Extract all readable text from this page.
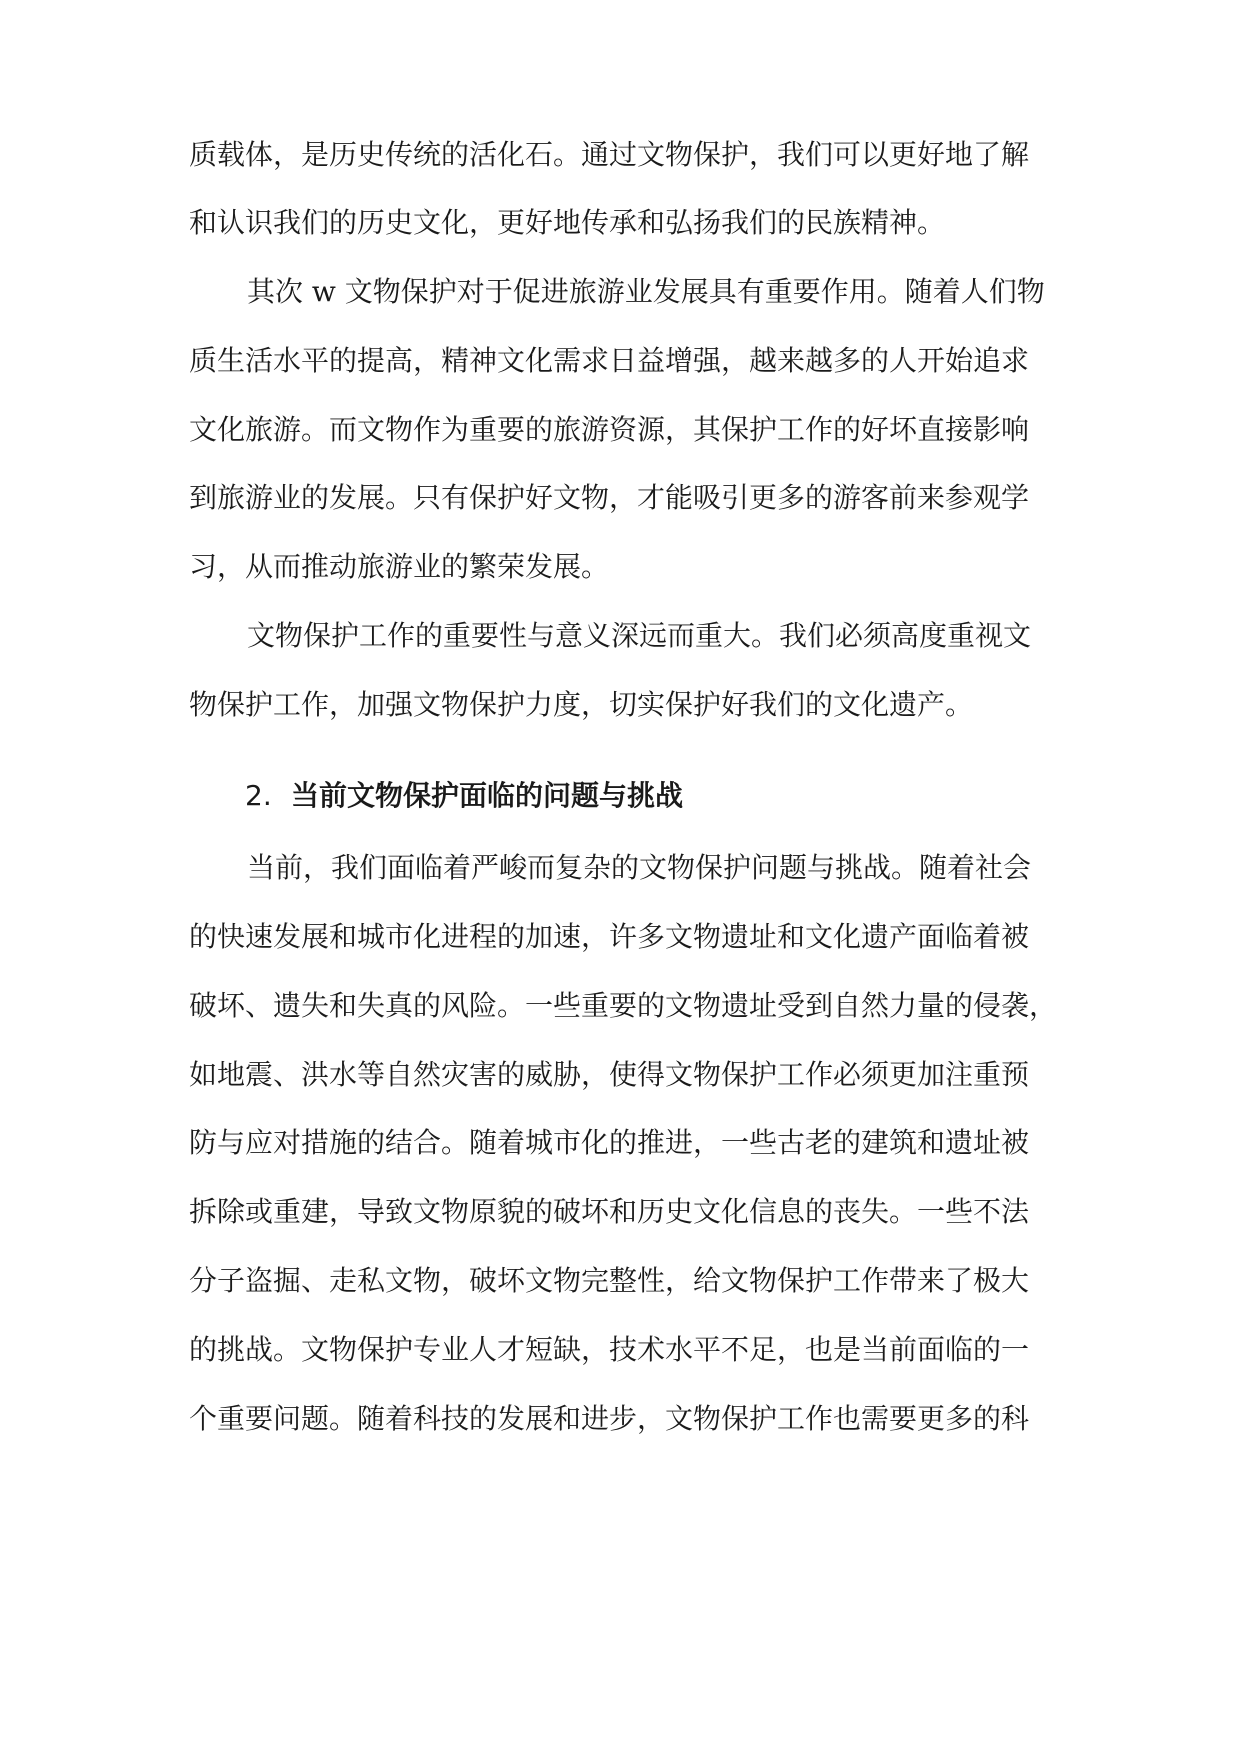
质载体，是历史传统的活化石。通过文物保护，我们可以更好地了解
和认识我们的历史文化，更好地传承和弘扬我们的民族精神。
其次 w 文物保护对于促进旅游业发展具有重要作用。随着人们物
质生活水平的提高，精神文化需求日益增强，越来越多的人开始追求
文化旅游。而文物作为重要的旅游资源，其保护工作的好坏直接影响
到旅游业的发展。只有保护好文物，才能吸引更多的游客前来参观学
习，从而推动旅游业的繁荣发展。
文物保护工作的重要性与意义深远而重大。我们必须高度重视文
物保护工作，加强文物保护力度，切实保护好我们的文化遗产。
2. 当前文物保护面临的问题与挑战
当前，我们面临着严峻而复杂的文物保护问题与挑战。随着社会
的快速发展和城市化进程的加速，许多文物遗址和文化遗产面临着被
破坏、遗失和失真的风险。一些重要的文物遗址受到自然力量的侵袭，
如地震、洪水等自然灾害的威胁，使得文物保护工作必须更加注重预
防与应对措施的结合。随着城市化的推进，一些古老的建筑和遗址被
拆除或重建，导致文物原貌的破坏和历史文化信息的丧失。一些不法
分子盗掘、走私文物，破坏文物完整性，给文物保护工作带来了极大
的挑战。文物保护专业人才短缺，技术水平不足，也是当前面临的一
个重要问题。随着科技的发展和进步，文物保护工作也需要更多的科
